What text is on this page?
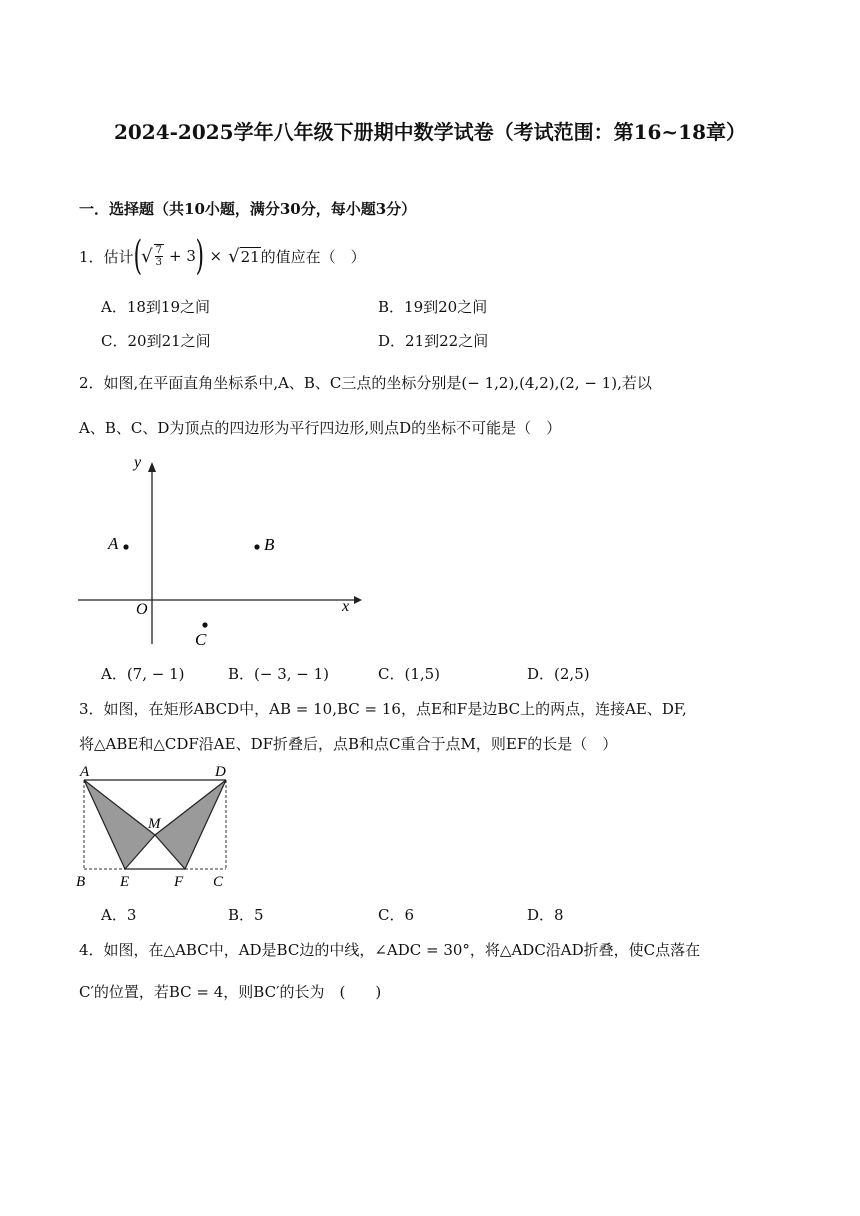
2024-2025学年八年级下册期中数学试卷（考试范围：第16~18章）
一．选择题（共10小题，满分30分，每小题3分）
1．估计 ( √ $\frac{7}{3} + 3$ ) × √ 21 的值应在（　）
A．18到19之间	B．19到20之间
C．20到21之间	D．21到22之间
2．如图,在平面直角坐标系中,A、B、C三点的坐标分别是(− 1,2),(4,2),(2, − 1),若以
A、B、C、D为顶点的四边形为平行四边形,则点D的坐标不可能是（　）
y
x
O
A	B
C
A．(7, − 1)	B．(− 3, − 1)	C．(1,5)	D．(2,5)
3．如图，在矩形ABCD中，AB = 10,BC = 16，点E和F是边BC上的两点，连接AE、DF,
将△ABE和△CDF沿AE、DF折叠后，点B和点C重合于点M，则EF的长是（　）
A	D
M
B E	F C
A．3	B．5	C．6	D．8
4．如图，在△ABC中，AD是BC边的中线，∠ADC = 30°，将△ADC沿AD折叠，使C点落在
C′的位置，若BC = 4，则BC′的长为　(　　)
